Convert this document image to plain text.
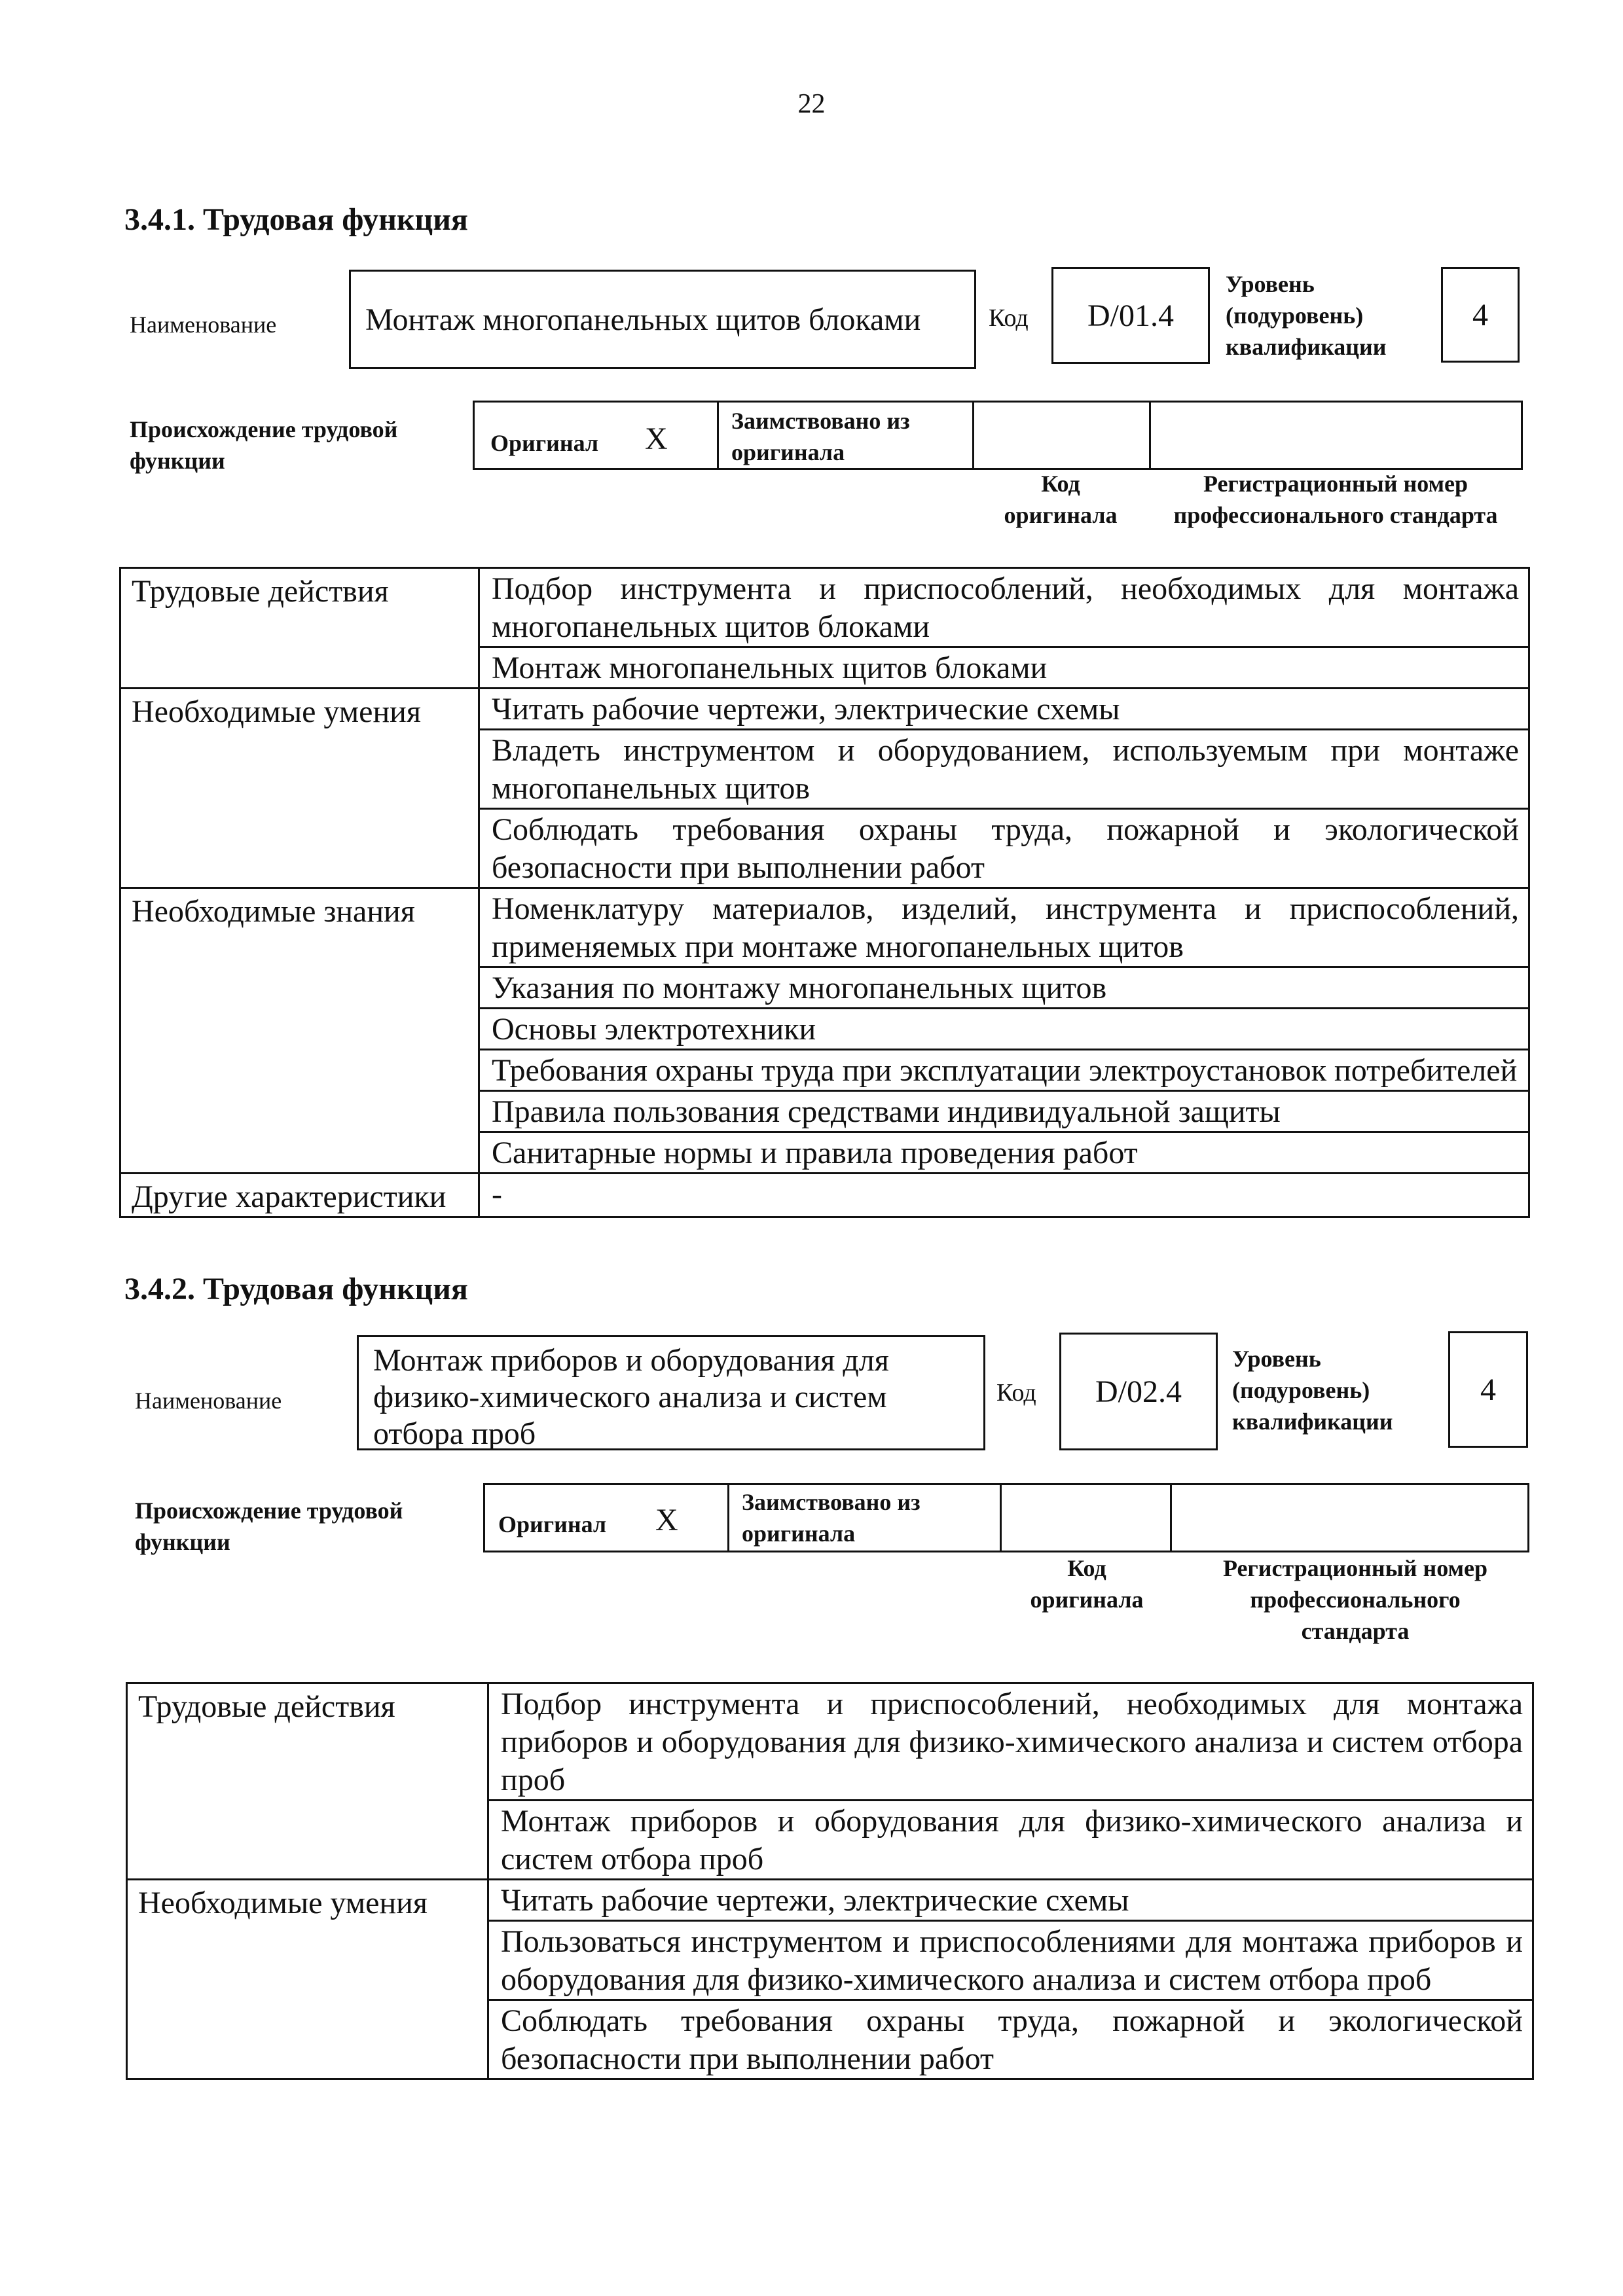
22
3.4.1. Трудовая функция
Наименование	Монтаж многопанельных щитов блоками	Код D/01.4
Уровень (подуровень) квалификации
4
Происхождение трудовой функции
Оригинал X
Заимствовано из оригинала
Код оригинала
Регистрационный номер профессионального стандарта
Трудовые действия	Подбор инструмента и приспособлений, необходимых для монтажа многопанельных щитов блоками
	Монтаж многопанельных щитов блоками
Необходимые умения	Читать рабочие чертежи, электрические схемы
	Владеть инструментом и оборудованием, используемым при монтаже многопанельных щитов
	Соблюдать требования охраны труда, пожарной и экологической безопасности при выполнении работ
Необходимые знания	Номенклатуру материалов, изделий, инструмента и приспособлений, применяемых при монтаже многопанельных щитов
	Указания по монтажу многопанельных щитов
	Основы электротехники
	Требования охраны труда при эксплуатации электроустановок потребителей
	Правила пользования средствами индивидуальной защиты
	Санитарные нормы и правила проведения работ
Другие характеристики	-
3.4.2. Трудовая функция
Наименование
Монтаж приборов и оборудования для физико-химического анализа и систем отбора проб
Код D/02.4
Уровень (подуровень) квалификации
4
Происхождение трудовой функции
Оригинал X
Заимствовано из оригинала
Код оригинала
Регистрационный номер профессионального стандарта
Трудовые действия	Подбор инструмента и приспособлений, необходимых для монтажа приборов и оборудования для физико-химического анализа и систем отбора проб
	Монтаж приборов и оборудования для физико-химического анализа и систем отбора проб
Необходимые умения	Читать рабочие чертежи, электрические схемы
	Пользоваться инструментом и приспособлениями для монтажа приборов и оборудования для физико-химического анализа и систем отбора проб
	Соблюдать требования охраны труда, пожарной и экологической безопасности при выполнении работ
